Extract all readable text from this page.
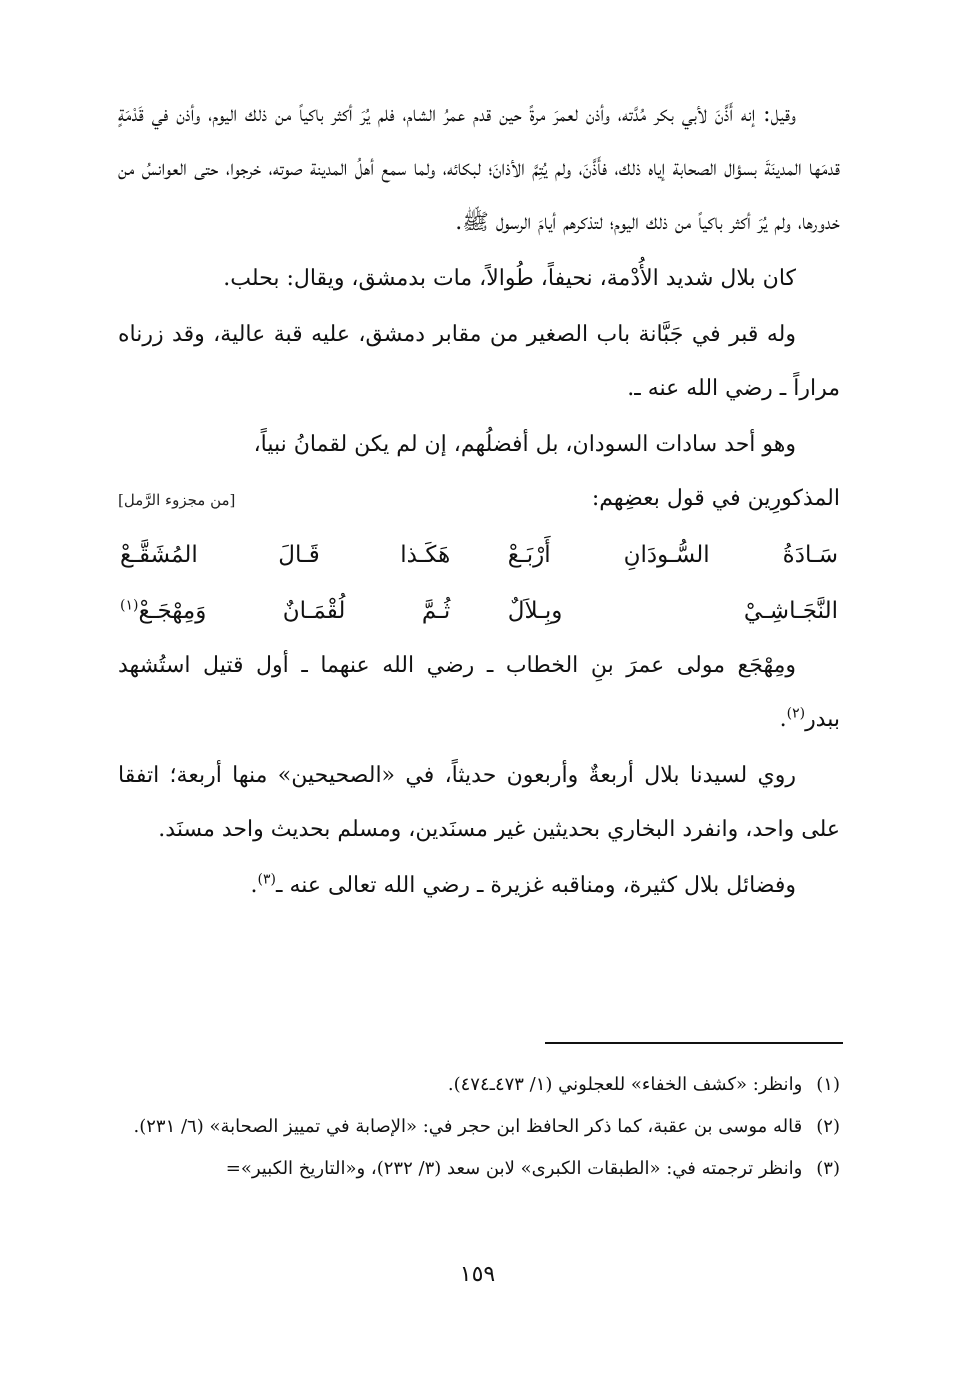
وقيل: إنه أَذَّنَ لأبي بكر مُدَّته، وأذن لعمرَ مرةً حين قدم عمرُ الشام، فلم يُرَ أكثر باكياً من ذلك اليوم، وأذن في قَدْمَةٍ قدمَها المدينَةَ بسؤال الصحابة إياه ذلك، فأَذَّنَ، ولم يُتِمَّ الأذانَ؛ لبكائه، ولما سمع أهلُ المدينة صوته، خرجوا، حتى العوانسُ من خدورها، ولم يُرَ أكثر باكياً من ذلك اليوم؛ لتذكرهم أيامَ الرسول ﷺ.

كان بلال شديد الأُدْمة، نحيفاً، طُوالاً، مات بدمشق، ويقال: بحلب.

وله قبر في جَبَّانة باب الصغير من مقابر دمشق، عليه قبة عالية، وقد زرناه مراراً ـ رضي الله عنه ـ.

وهو أحد سادات السودان، بل أفضلُهم، إن لم يكن لقمانُ نبياً،

المذكورِين في قول بعضِهم:
[من مجزوء الرَّمل]
سَـادَةُ السُّـودَانِ أَرْبَـعْ
هَكَـذا قَـالَ المُشَقَّـعْ
النَّجَـاشِـيْ وبِـلاَلٌ
ثُـمَّ لُقْمَـانٌ وَمِهْجَـعْ$^{(١)}$

ومِهْجَع مولى عمرَ بنِ الخطاب ـ رضي الله عنهما ـ أول قتيل استُشهد ببدر$^{(٢)}$.

روي لسيدنا بلال أربعةٌ وأربعون حديثاً، في «الصحيحين» منها أربعة؛ اتفقا على واحد، وانفرد البخاري بحديثين غير مسنَدين، ومسلم بحديث واحد مسنَد.

وفضائل بلال كثيرة، ومناقبه غزيرة ـ رضي الله تعالى عنه ـ$^{(٣)}$.

(١)
وانظر: «كشف الخفاء» للعجلوني (١/ ٤٧٣ـ٤٧٤).
(٢)
قاله موسى بن عقبة، كما ذكر الحافظ ابن حجر في: «الإصابة في تمييز الصحابة» (٦/ ٢٣١).
(٣)
وانظر ترجمته في: «الطبقات الكبرى» لابن سعد (٣/ ٢٣٢)، و«التاريخ الكبير»=
١٥٩
